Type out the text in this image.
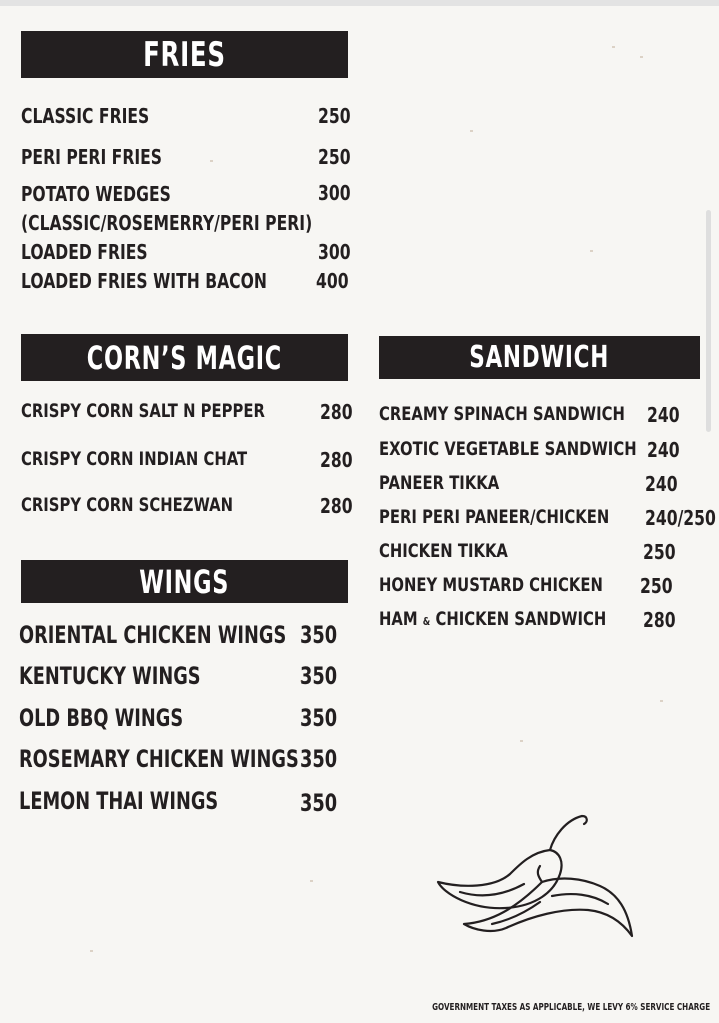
FRIES
CLASSIC FRIES	250
PERI PERI FRIES	250
POTATO WEDGES	300
(CLASSIC/ROSEMERRY/PERI PERI)
LOADED FRIES	300
LOADED FRIES WITH BACON 400
CORN’S MAGIC
CRISPY CORN SALT N PEPPER	280
CRISPY CORN INDIAN CHAT	280
CRISPY CORN SCHEZWAN	280
WINGS
ORIENTAL CHICKEN WINGS 350
KENTUCKY WINGS	350
OLD BBQ WINGS	350
ROSEMARY CHICKEN WINGS 350
LEMON THAI WINGS	350
SANDWICH
CREAMY SPINACH SANDWICH 240
EXOTIC VEGETABLE SANDWICH 240
PANEER TIKKA	240
PERI PERI PANEER/CHICKEN 240/250
CHICKEN TIKKA	250
HONEY MUSTARD CHICKEN 250
HAM & CHICKEN SANDWICH 280
GOVERNMENT TAXES AS APPLICABLE, WE LEVY 6% SERVICE CHARGE
